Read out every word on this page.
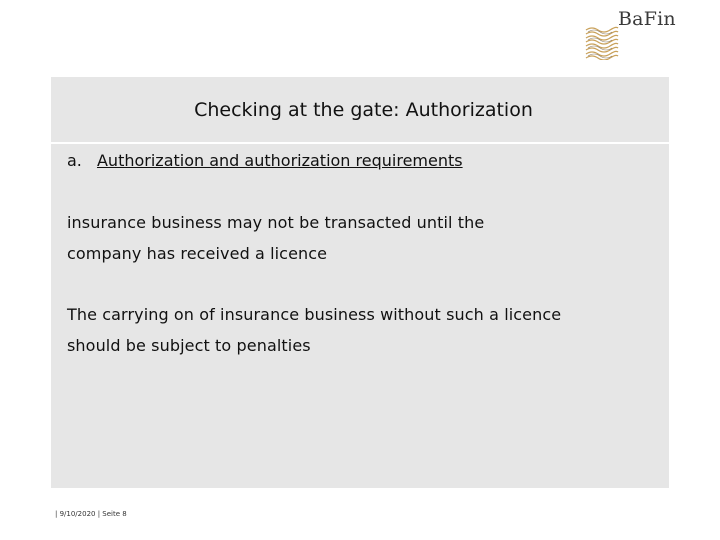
BaFin
Checking at the gate: Authorization
a. Authorization and authorization requirements
insurance business may not be transacted until the
company has received a licence
The carrying on of insurance business without such a licence
should be subject to penalties
| 9/10/2020 | Seite 8
